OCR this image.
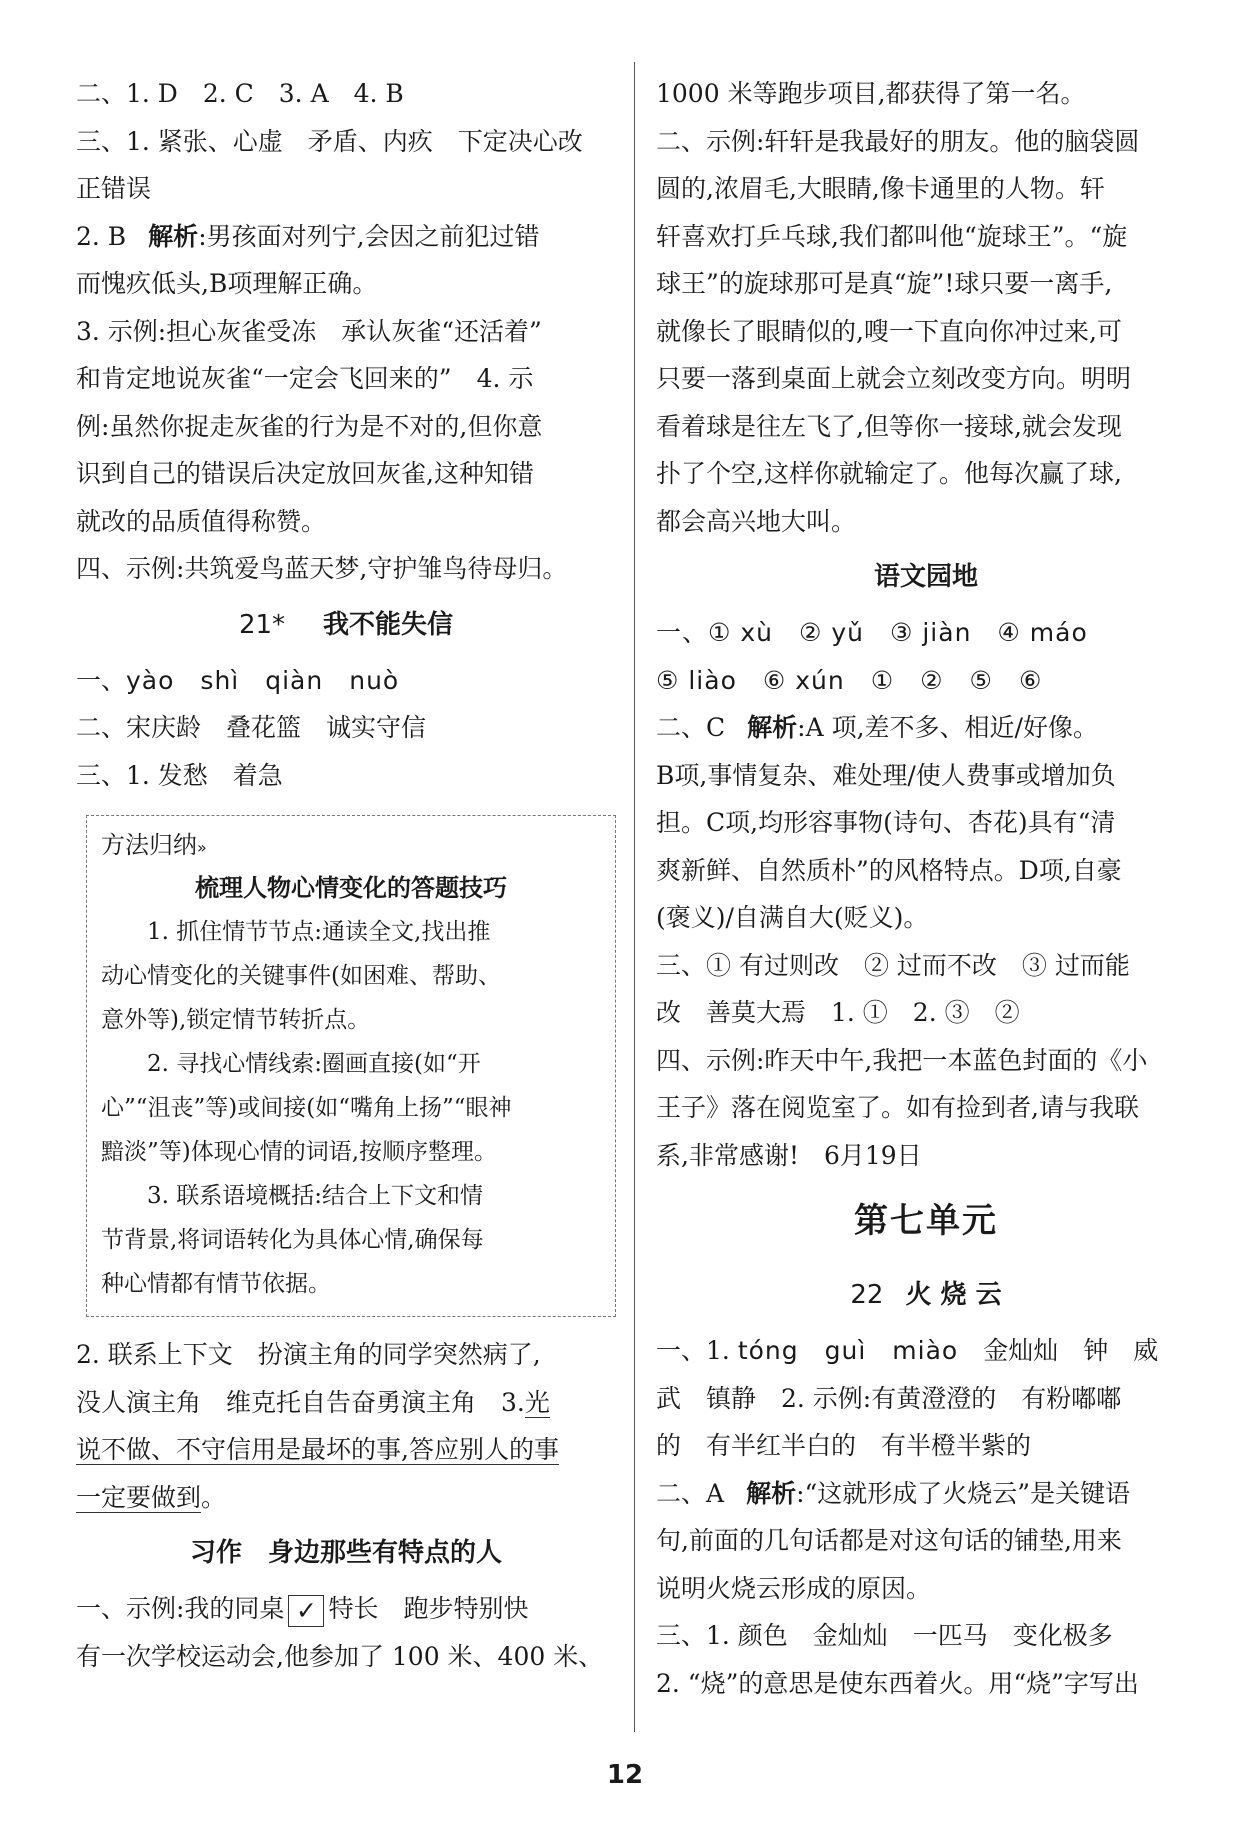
二、1. D　2. C　3. A　4. B
三、1. 紧张、心虚　矛盾、内疚　下定决心改
正错误
2. B 解析:男孩面对列宁,会因之前犯过错
而愧疚低头,B项理解正确。
3. 示例:担心灰雀受冻　承认灰雀“还活着”
和肯定地说灰雀“一定会飞回来的”　4. 示
例:虽然你捉走灰雀的行为是不对的,但你意
识到自己的错误后决定放回灰雀,这种知错
就改的品质值得称赞。
四、示例:共筑爱鸟蓝天梦,守护雏鸟待母归。
21* 我不能失信
一、yào　shì　qiàn　nuò
二、宋庆龄　叠花篮　诚实守信
三、1. 发愁　着急
方法归纳»
梳理人物心情变化的答题技巧
1. 抓住情节节点:通读全文,找出推
动心情变化的关键事件(如困难、帮助、
意外等),锁定情节转折点。
2. 寻找心情线索:圈画直接(如“开
心”“沮丧”等)或间接(如“嘴角上扬”“眼神
黯淡”等)体现心情的词语,按顺序整理。
3. 联系语境概括:结合上下文和情
节背景,将词语转化为具体心情,确保每
种心情都有情节依据。
2. 联系上下文　扮演主角的同学突然病了,
没人演主角　维克托自告奋勇演主角　3.光
说不做、不守信用是最坏的事,答应别人的事
一定要做到。
习作　身边那些有特点的人
一、示例:我的同桌 ✓ 特长　跑步特别快
有一次学校运动会,他参加了 100 米、400 米、
1000 米等跑步项目,都获得了第一名。
二、示例:轩轩是我最好的朋友。他的脑袋圆
圆的,浓眉毛,大眼睛,像卡通里的人物。轩
轩喜欢打乒乓球,我们都叫他“旋球王”。“旋
球王”的旋球那可是真“旋”!球只要一离手,
就像长了眼睛似的,嗖一下直向你冲过来,可
只要一落到桌面上就会立刻改变方向。明明
看着球是往左飞了,但等你一接球,就会发现
扑了个空,这样你就输定了。他每次赢了球,
都会高兴地大叫。
语文园地
一、① xù　② yǔ　③ jiàn　④ máo
⑤ liào　⑥ xún　①　②　⑤　⑥
二、C 解析:A 项,差不多、相近/好像。
B项,事情复杂、难处理/使人费事或增加负
担。C项,均形容事物(诗句、杏花)具有“清
爽新鲜、自然质朴”的风格特点。D项,自豪
(褒义)/自满自大(贬义)。
三、① 有过则改　② 过而不改　③ 过而能
改　善莫大焉　1. ①　2. ③　②
四、示例:昨天中午,我把一本蓝色封面的《小
王子》落在阅览室了。如有捡到者,请与我联
系,非常感谢!　6月19日
第七单元
22 火 烧 云
一、1. tóng　guì　miào　金灿灿　钟　威
武　镇静　2. 示例:有黄澄澄的　有粉嘟嘟
的　有半红半白的　有半橙半紫的
二、A 解析:“这就形成了火烧云”是关键语
句,前面的几句话都是对这句话的铺垫,用来
说明火烧云形成的原因。
三、1. 颜色　金灿灿　一匹马　变化极多
2. “烧”的意思是使东西着火。用“烧”字写出
12
